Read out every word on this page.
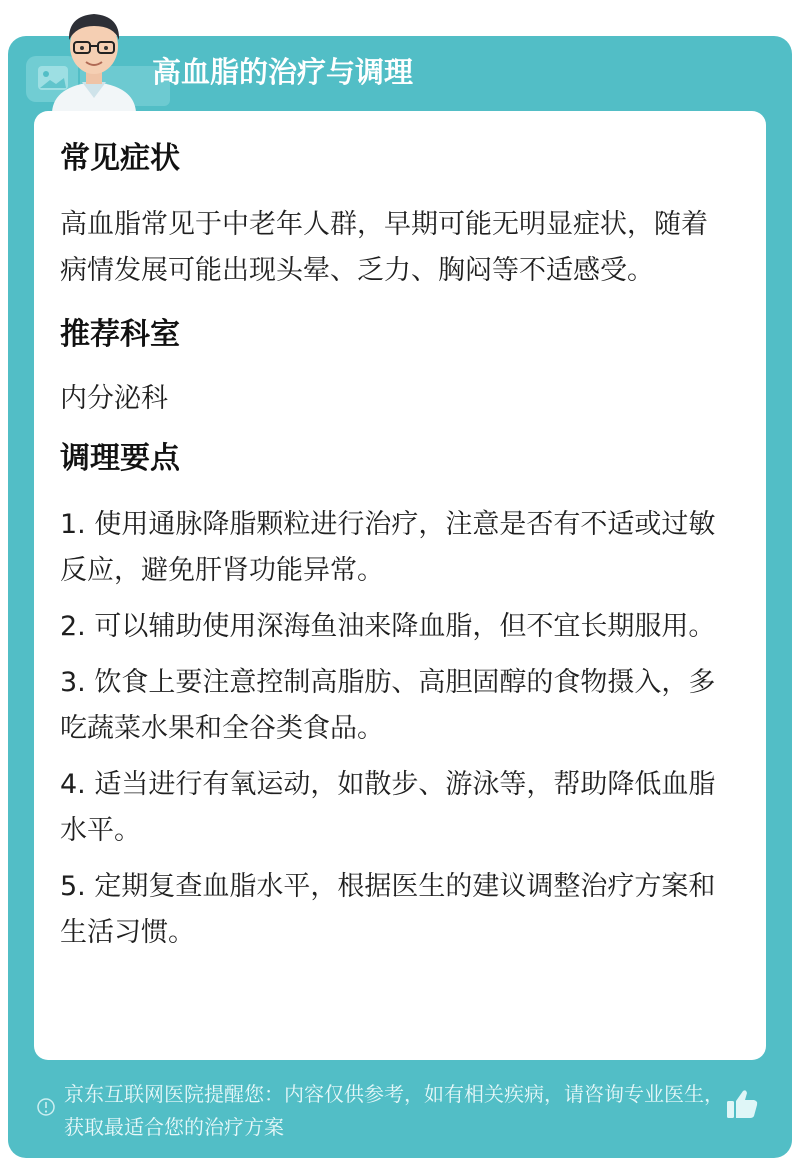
高血脂的治疗与调理
常见症状

高血脂常见于中老年人群，早期可能无明显症状，随着病情发展可能出现头晕、乏力、胸闷等不适感受。

推荐科室

内分泌科

调理要点

1. 使用通脉降脂颗粒进行治疗，注意是否有不适或过敏反应，避免肝肾功能异常。

2. 可以辅助使用深海鱼油来降血脂，但不宜长期服用。

3. 饮食上要注意控制高脂肪、高胆固醇的食物摄入，多吃蔬菜水果和全谷类食品。

4. 适当进行有氧运动，如散步、游泳等，帮助降低血脂水平。

5. 定期复查血脂水平，根据医生的建议调整治疗方案和生活习惯。

京东互联网医院提醒您：内容仅供参考，如有相关疾病，请咨询专业医生，获取最适合您的治疗方案
